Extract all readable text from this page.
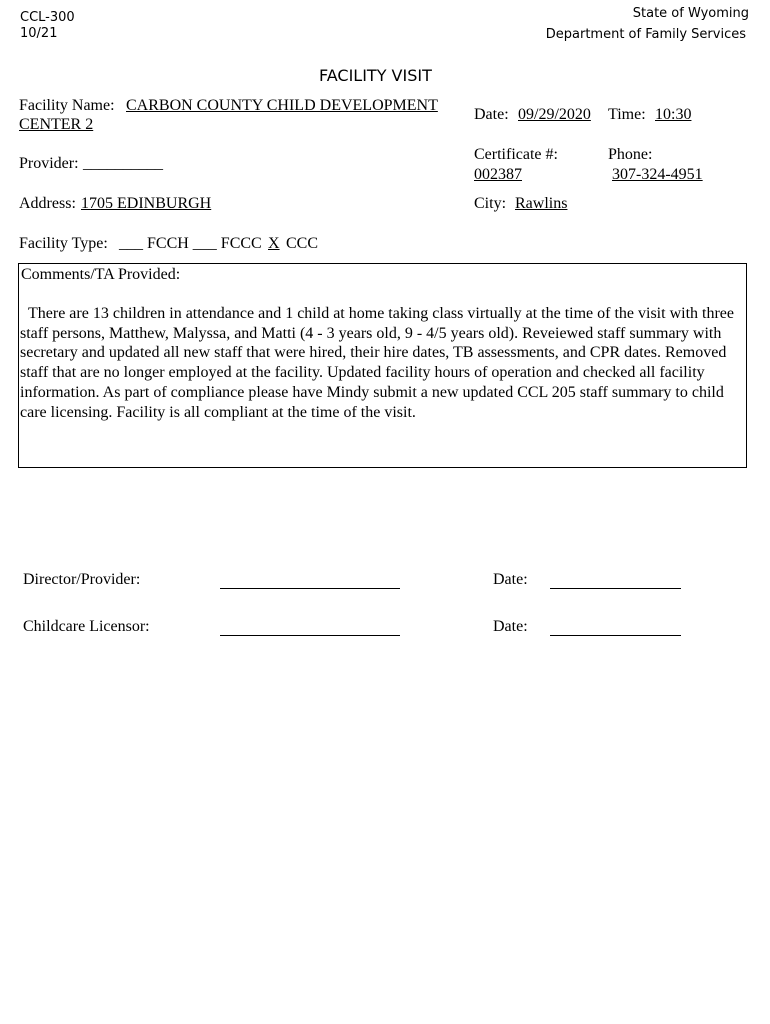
CCL-300
10/21
State of Wyoming
Department of Family Services
FACILITY VISIT
Facility Name: CARBON COUNTY CHILD DEVELOPMENT
CENTER 2
Date: 09/29/2020 Time: 10:30
Provider: __________
Certificate #:
002387
Phone:
307-324-4951
Address: 1705 EDINBURGH	City: Rawlins
Facility Type: ___ FCCH ___ FCCC X CCC
Comments/TA Provided:
There are 13 children in attendance and 1 child at home taking class virtually at the time of the visit with three staff persons, Matthew, Malyssa, and Matti (4 - 3 years old, 9 - 4/5 years old). Reveiewed staff summary with secretary and updated all new staff that were hired, their hire dates, TB assessments, and CPR dates. Removed staff that are no longer employed at the facility. Updated facility hours of operation and checked all facility information. As part of compliance please have Mindy submit a new updated CCL 205 staff summary to child care licensing. Facility is all compliant at the time of the visit.
Director/Provider:	Date:
Childcare Licensor:	Date:
